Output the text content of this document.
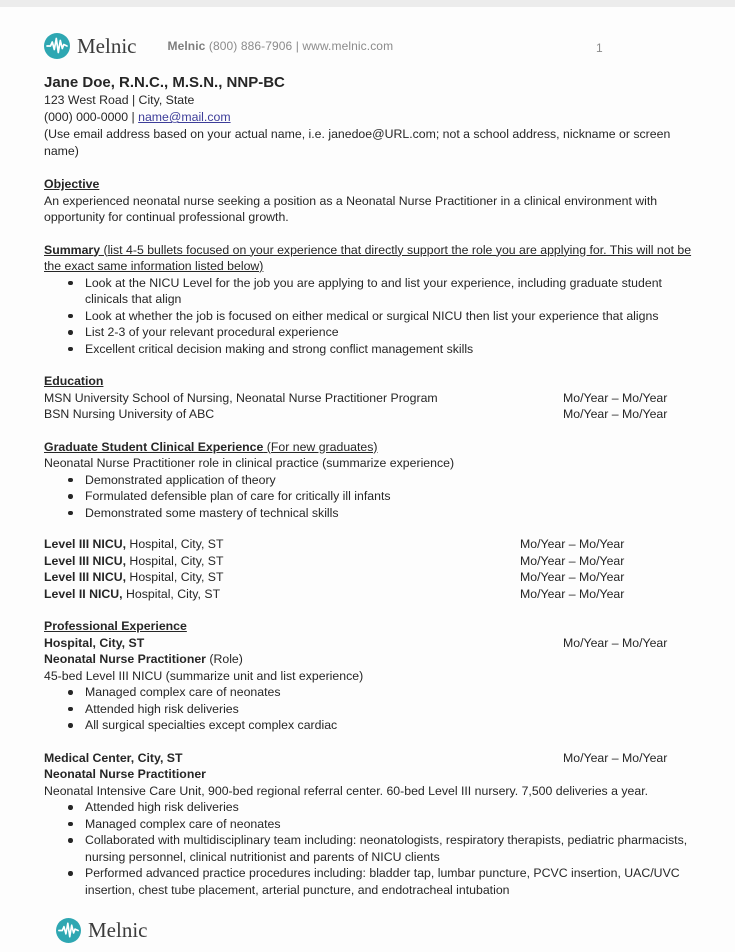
Melnic	Melnic (800) 886-7906 | www.melnic.com	1
Jane Doe, R.N.C., M.S.N., NNP-BC
123 West Road | City, State
(000) 000-0000 | name@mail.com
(Use email address based on your actual name, i.e. janedoe@URL.com; not a school address, nickname or screen name)
Objective
An experienced neonatal nurse seeking a position as a Neonatal Nurse Practitioner in a clinical environment with opportunity for continual professional growth.
Summary (list 4-5 bullets focused on your experience that directly support the role you are applying for. This will not be the exact same information listed below)
Look at the NICU Level for the job you are applying to and list your experience, including graduate student clinicals that align
Look at whether the job is focused on either medical or surgical NICU then list your experience that aligns
List 2-3 of your relevant procedural experience
Excellent critical decision making and strong conflict management skills
Education
MSN University School of Nursing, Neonatal Nurse Practitioner Program	Mo/Year – Mo/Year
BSN Nursing University of ABC	Mo/Year – Mo/Year
Graduate Student Clinical Experience (For new graduates)
Neonatal Nurse Practitioner role in clinical practice (summarize experience)
Demonstrated application of theory
Formulated defensible plan of care for critically ill infants
Demonstrated some mastery of technical skills
Level III NICU, Hospital, City, ST	Mo/Year – Mo/Year
Level III NICU, Hospital, City, ST	Mo/Year – Mo/Year
Level III NICU, Hospital, City, ST	Mo/Year – Mo/Year
Level II NICU, Hospital, City, ST	Mo/Year – Mo/Year
Professional Experience
Hospital, City, ST	Mo/Year – Mo/Year
Neonatal Nurse Practitioner (Role)
45-bed Level III NICU (summarize unit and list experience)
Managed complex care of neonates
Attended high risk deliveries
All surgical specialties except complex cardiac
Medical Center, City, ST	Mo/Year – Mo/Year
Neonatal Nurse Practitioner
Neonatal Intensive Care Unit, 900-bed regional referral center. 60-bed Level III nursery. 7,500 deliveries a year.
Attended high risk deliveries
Managed complex care of neonates
Collaborated with multidisciplinary team including: neonatologists, respiratory therapists, pediatric pharmacists, nursing personnel, clinical nutritionist and parents of NICU clients
Performed advanced practice procedures including: bladder tap, lumbar puncture, PCVC insertion, UAC/UVC insertion, chest tube placement, arterial puncture, and endotracheal intubation
Melnic
